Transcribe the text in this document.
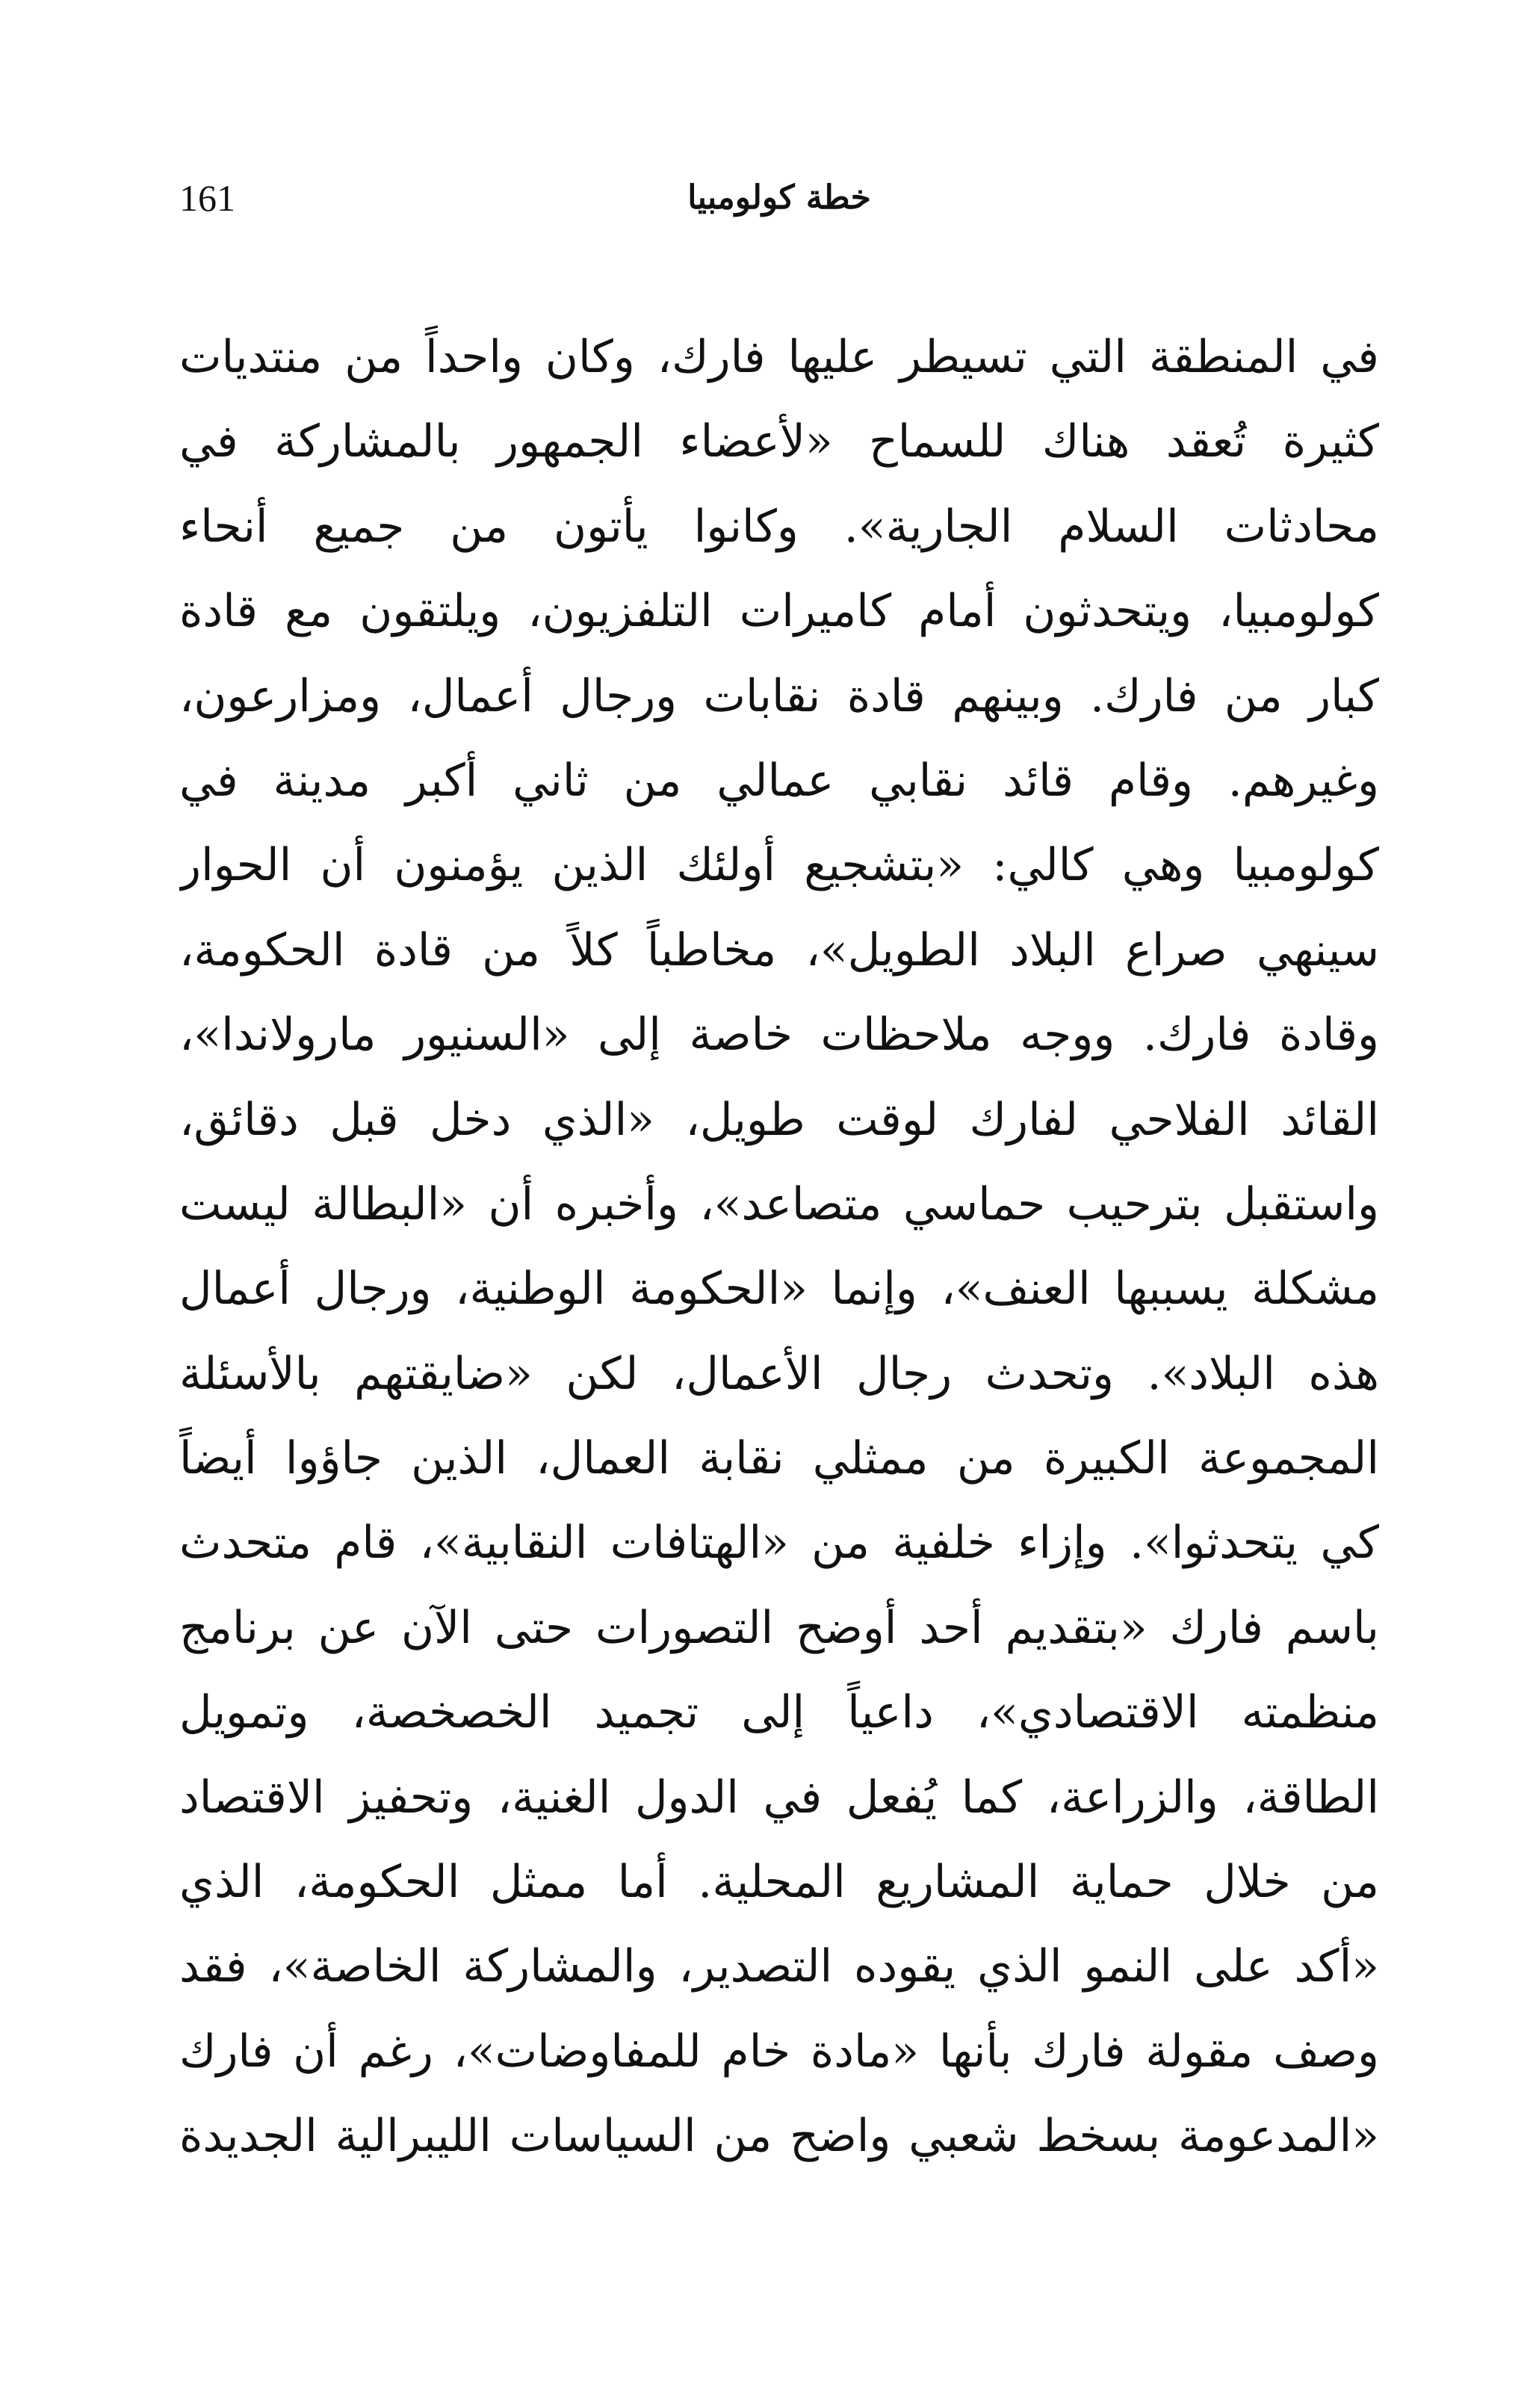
161	خطة كولومبيا
في المنطقة التي تسيطر عليها فارك، وكان واحداً من منتديات
كثيرة تُعقد هناك للسماح «لأعضاء الجمهور بالمشاركة في
محادثات السلام الجارية». وكانوا يأتون من جميع أنحاء
كولومبيا، ويتحدثون أمام كاميرات التلفزيون، ويلتقون مع قادة
كبار من فارك. وبينهم قادة نقابات ورجال أعمال، ومزارعون،
وغيرهم. وقام قائد نقابي عمالي من ثاني أكبر مدينة في
كولومبيا وهي كالي: «بتشجيع أولئك الذين يؤمنون أن الحوار
سينهي صراع البلاد الطويل»، مخاطباً كلاً من قادة الحكومة،
وقادة فارك. ووجه ملاحظات خاصة إلى «السنيور مارولاندا»،
القائد الفلاحي لفارك لوقت طويل، «الذي دخل قبل دقائق،
واستقبل بترحيب حماسي متصاعد»، وأخبره أن «البطالة ليست
مشكلة يسببها العنف»، وإنما «الحكومة الوطنية، ورجال أعمال
هذه البلاد». وتحدث رجال الأعمال، لكن «ضايقتهم بالأسئلة
المجموعة الكبيرة من ممثلي نقابة العمال، الذين جاؤوا أيضاً
كي يتحدثوا». وإزاء خلفية من «الهتافات النقابية»، قام متحدث
باسم فارك «بتقديم أحد أوضح التصورات حتى الآن عن برنامج
منظمته الاقتصادي»، داعياً إلى تجميد الخصخصة، وتمويل
الطاقة، والزراعة، كما يُفعل في الدول الغنية، وتحفيز الاقتصاد
من خلال حماية المشاريع المحلية. أما ممثل الحكومة، الذي
«أكد على النمو الذي يقوده التصدير، والمشاركة الخاصة»، فقد
وصف مقولة فارك بأنها «مادة خام للمفاوضات»، رغم أن فارك
«المدعومة بسخط شعبي واضح من السياسات الليبرالية الجديدة
